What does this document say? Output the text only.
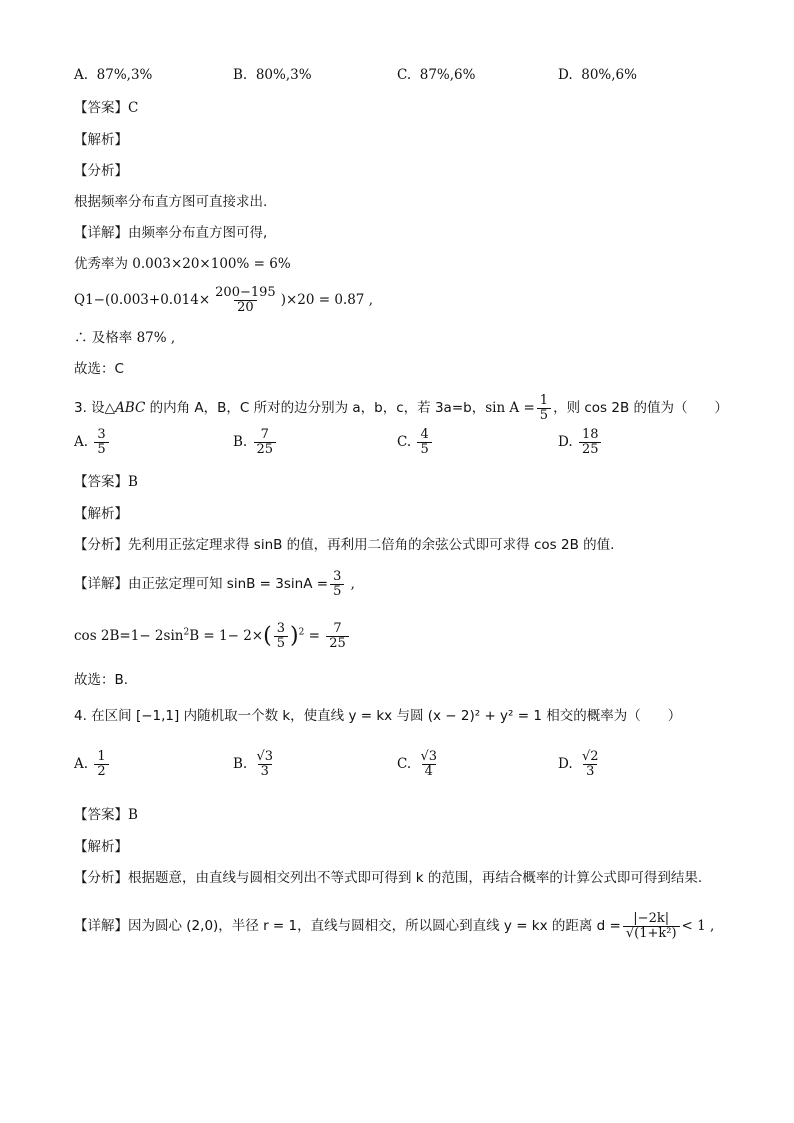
A. 87%,3%	B. 80%,3%	C. 87%,6%	D. 80%,6%
【答案】C
【解析】
【分析】
根据频率分布直方图可直接求出.
【详解】由频率分布直方图可得,
优秀率为 0.003×20×100% = 6%
$Q1-(0.003+0.014\times \frac{200-195}{20} )\times 20 = 0.87$ ,
∴ 及格率 87% ,
故选：C
3. 设△ABC 的内角 A，B，C 所对的边分别为 a，b，c，若 3a=b，$\sin A = \frac{1}{5}$ ，则 cos 2B 的值为（　　）
A. $\frac{3}{5}$	B. $\frac{7}{25}$	C. $\frac{4}{5}$	D. $\frac{18}{25}$
【答案】B
【解析】
【分析】先利用正弦定理求得 sinB 的值，再利用二倍角的余弦公式即可求得 cos 2B 的值.
【详解】由正弦定理可知 $\sin B = 3\sin A = \frac{3}{5}$ ,
$\cos 2B=1- 2\sin^2B = 1- 2\times( \frac{3}{5} )^2 = \frac{7}{25}$
故选：B.
4. 在区间 [−1,1] 内随机取一个数 k，使直线 y = kx 与圆 (x − 2)² + y² = 1 相交的概率为（　　）
A. $\frac{1}{2}$	B. $\frac{√3}{3}$	C. $\frac{√3}{4}$	D. $\frac{√2}{3}$
【答案】B
【解析】
【分析】根据题意，由直线与圆相交列出不等式即可得到 k 的范围，再结合概率的计算公式即可得到结果.
【详解】因为圆心 (2,0)，半径 r = 1，直线与圆相交，所以圆心到直线 y = kx 的距离 $d = \frac{|-2k|}{\text{√(1+k²)}} < 1$ ,
